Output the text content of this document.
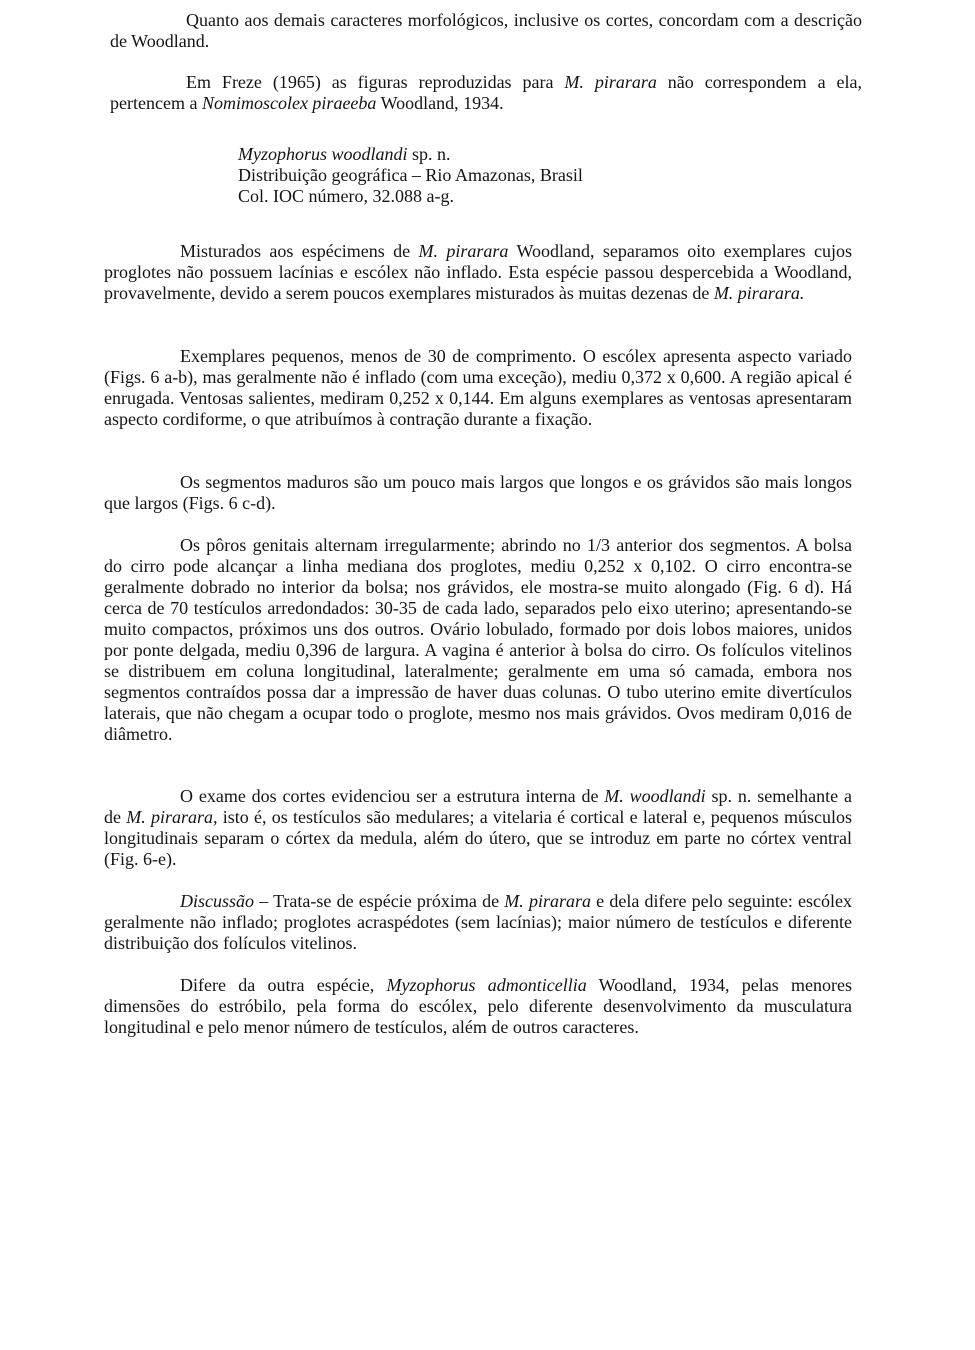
Quanto aos demais caracteres morfológicos, inclusive os cortes, concordam com a descrição de Woodland.

Em Freze (1965) as figuras reproduzidas para M. pirarara não correspondem a ela, pertencem a Nomimoscolex piraeeba Woodland, 1934.

Myzophorus woodlandi sp. n.
Distribuição geográfica – Rio Amazonas, Brasil
Col. IOC número, 32.088 a-g.

Misturados aos espécimens de M. pirarara Woodland, separamos oito exemplares cujos proglotes não possuem lacínias e escólex não inflado. Esta espécie passou despercebida a Woodland, provavelmente, devido a serem poucos exemplares misturados às muitas dezenas de M. pirarara.

Exemplares pequenos, menos de 30 de comprimento. O escólex apresenta aspecto variado (Figs. 6 a-b), mas geralmente não é inflado (com uma exceção), mediu 0,372 x 0,600. A região apical é enrugada. Ventosas salientes, mediram 0,252 x 0,144. Em alguns exemplares as ventosas apresentaram aspecto cordiforme, o que atribuímos à contração durante a fixação.

Os segmentos maduros são um pouco mais largos que longos e os grávidos são mais longos que largos (Figs. 6 c-d).

Os pôros genitais alternam irregularmente; abrindo no 1/3 anterior dos segmentos. A bolsa do cirro pode alcançar a linha mediana dos proglotes, mediu 0,252 x 0,102. O cirro encontra-se geralmente dobrado no interior da bolsa; nos grávidos, ele mostra-se muito alongado (Fig. 6 d). Há cerca de 70 testículos arredondados: 30-35 de cada lado, separados pelo eixo uterino; apresentando-se muito compactos, próximos uns dos outros. Ovário lobulado, formado por dois lobos maiores, unidos por ponte delgada, mediu 0,396 de largura. A vagina é anterior à bolsa do cirro. Os folículos vitelinos se distribuem em coluna longitudinal, lateralmente; geralmente em uma só camada, embora nos segmentos contraídos possa dar a impressão de haver duas colunas. O tubo uterino emite divertículos laterais, que não chegam a ocupar todo o proglote, mesmo nos mais grávidos. Ovos mediram 0,016 de diâmetro.

O exame dos cortes evidenciou ser a estrutura interna de M. woodlandi sp. n. semelhante a de M. pirarara, isto é, os testículos são medulares; a vitelaria é cortical e lateral e, pequenos músculos longitudinais separam o córtex da medula, além do útero, que se introduz em parte no córtex ventral (Fig. 6-e).

Discussão – Trata-se de espécie próxima de M. pirarara e dela difere pelo seguinte: escólex geralmente não inflado; proglotes acraspédotes (sem lacínias); maior número de testículos e diferente distribuição dos folículos vitelinos.

Difere da outra espécie, Myzophorus admonticellia Woodland, 1934, pelas menores dimensões do estróbilo, pela forma do escólex, pelo diferente desenvolvimento da musculatura longitudinal e pelo menor número de testículos, além de outros caracteres.
